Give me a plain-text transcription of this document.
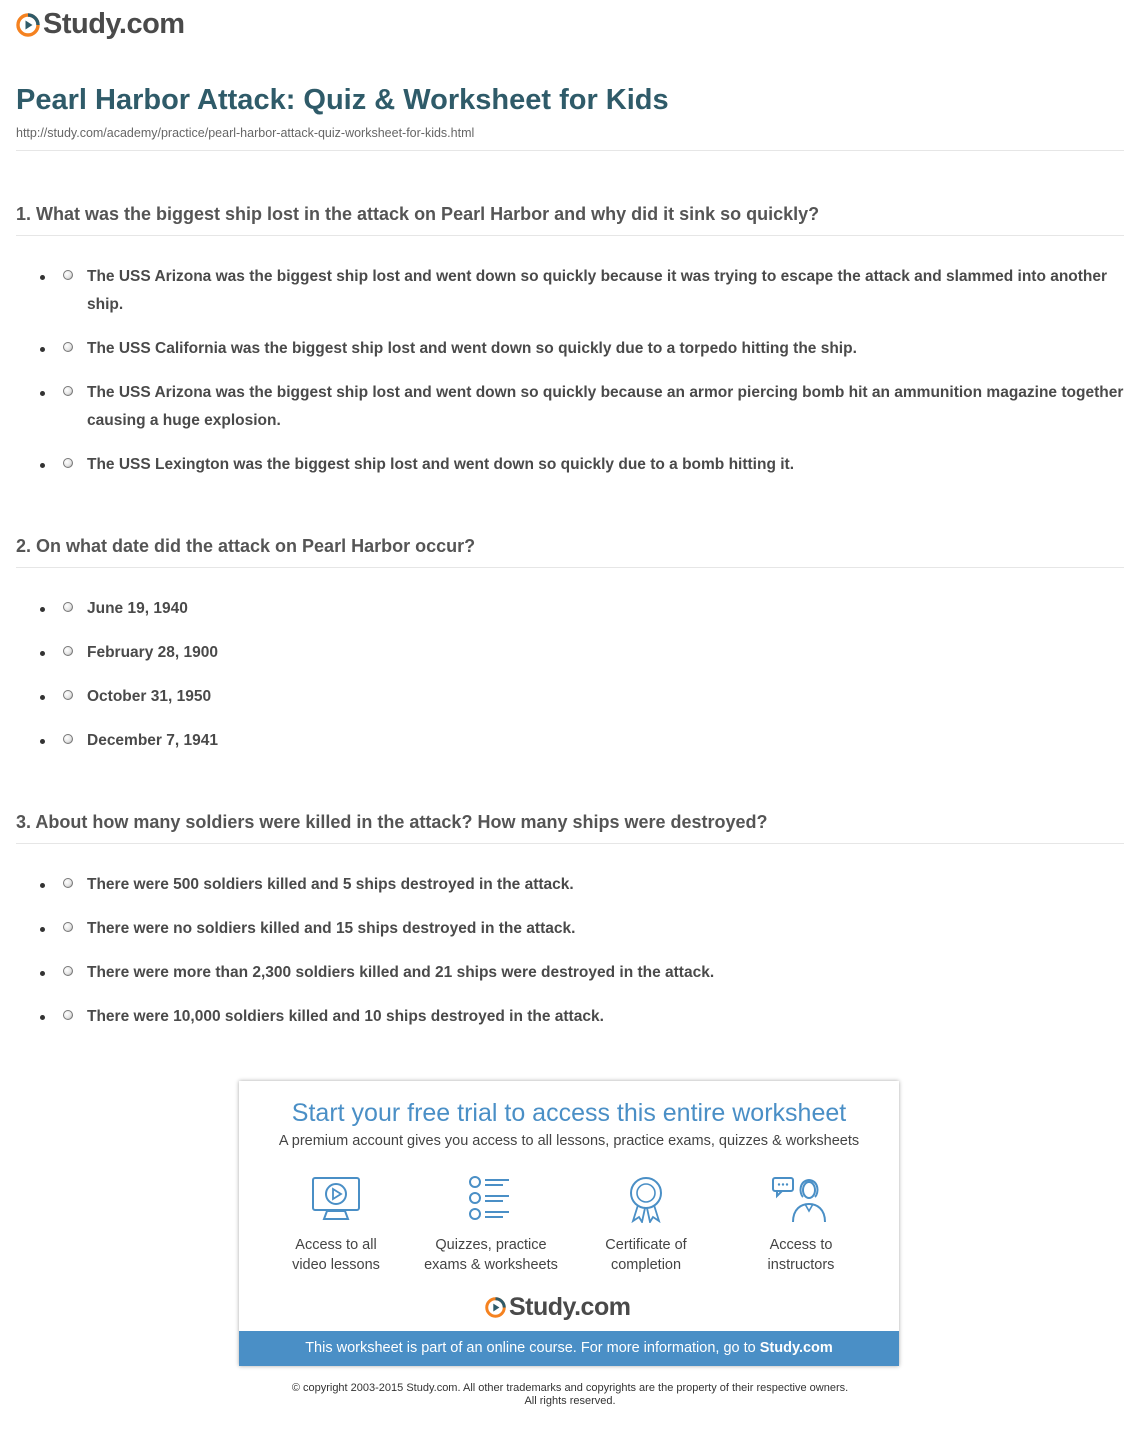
Study.com
Pearl Harbor Attack: Quiz & Worksheet for Kids
http://study.com/academy/practice/pearl-harbor-attack-quiz-worksheet-for-kids.html
1. What was the biggest ship lost in the attack on Pearl Harbor and why did it sink so quickly?
The USS Arizona was the biggest ship lost and went down so quickly because it was trying to escape the attack and slammed into another ship.
The USS California was the biggest ship lost and went down so quickly due to a torpedo hitting the ship.
The USS Arizona was the biggest ship lost and went down so quickly because an armor piercing bomb hit an ammunition magazine together causing a huge explosion.
The USS Lexington was the biggest ship lost and went down so quickly due to a bomb hitting it.
2. On what date did the attack on Pearl Harbor occur?
June 19, 1940
February 28, 1900
October 31, 1950
December 7, 1941
3. About how many soldiers were killed in the attack? How many ships were destroyed?
There were 500 soldiers killed and 5 ships destroyed in the attack.
There were no soldiers killed and 15 ships destroyed in the attack.
There were more than 2,300 soldiers killed and 21 ships were destroyed in the attack.
There were 10,000 soldiers killed and 10 ships destroyed in the attack.
Start your free trial to access this entire worksheet
A premium account gives you access to all lessons, practice exams, quizzes & worksheets
Access to all
video lessons
Quizzes, practice
exams & worksheets
Certificate of
completion
Access to
instructors
Study.com
This worksheet is part of an online course. For more information, go to Study.com
© copyright 2003-2015 Study.com. All other trademarks and copyrights are the property of their respective owners.
All rights reserved.
